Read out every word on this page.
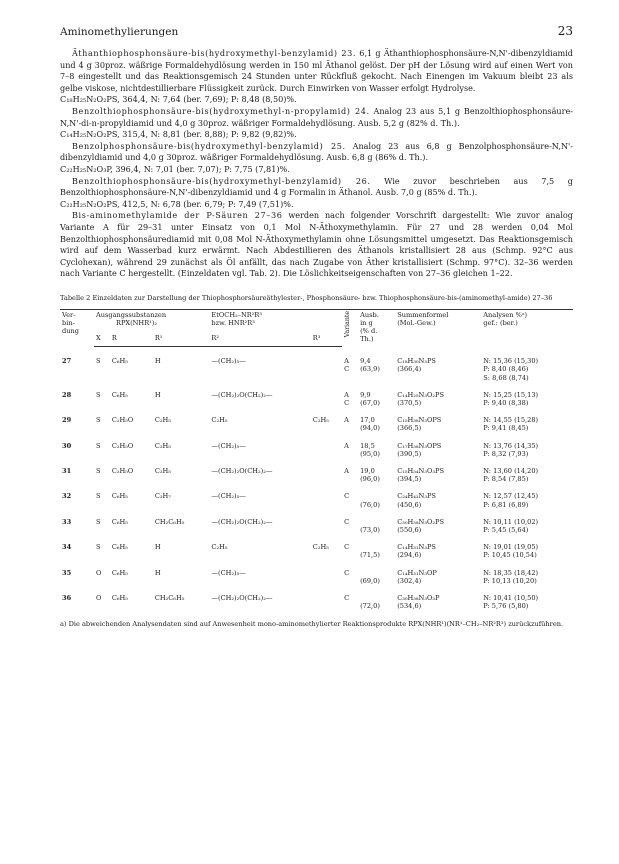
Aminomethylierungen	23

Äthanthiophosphonsäure-bis(hydroxymethyl-benzylamid) 23. 6,1 g Äthanthiophosphonsäure-N,N'-dibenzyldiamid und 4 g 30proz. wäßrige Formaldehydlösung werden in 150 ml Äthanol gelöst. Der pH der Lösung wird auf einen Wert von 7–8 eingestellt und das Reaktionsgemisch 24 Stunden unter Rückfluß gekocht. Nach Einengen im Vakuum bleibt 23 als gelbe viskose, nichtdestillierbare Flüssigkeit zurück. Durch Einwirken von Wasser erfolgt Hydrolyse.

C₁₈H₂₅N₂O₂PS, 364,4, N: 7,64 (ber. 7,69); P: 8,48 (8,50)%.

Benzolthiophosphonsäure-bis(hydroxymethyl-n-propylamid) 24. Analog 23 aus 5,1 g Benzolthiophosphonsäure-N,N'-di-n-propyldiamid und 4,0 g 30proz. wäßriger Formaldehydlösung. Ausb. 5,2 g (82% d. Th.).

C₁₄H₂₅N₂O₂PS, 315,4, N: 8,81 (ber. 8,88); P: 9,82 (9,82)%.

Benzolphosphonsäure-bis(hydroxymethyl-benzylamid) 25. Analog 23 aus 6,8 g Benzolphosphonsäure-N,N'-dibenzyldiamid und 4,0 g 30proz. wäßriger Formaldehydlösung. Ausb. 6,8 g (86% d. Th.).

C₂₂H₂₅N₂O₃P, 396,4, N: 7,01 (ber. 7,07); P: 7,75 (7,81)%.

Benzolthiophosphonsäure-bis(hydroxymethyl-benzylamid) 26. Wie zuvor beschrieben aus 7,5 g Benzolthiophosphonsäure-N,N'-dibenzyldiamid und 4 g Formalin in Äthanol. Ausb. 7,0 g (85% d. Th.).

C₂₂H₂₅N₂O₂PS, 412,5, N: 6,78 (ber. 6,79; P: 7,49 (7,51)%.

Bis-aminomethylamide der P-Säuren 27–36 werden nach folgender Vorschrift dargestellt: Wie zuvor analog Variante A für 29–31 unter Einsatz von 0,1 Mol N-Äthoxymethylamin. Für 27 und 28 werden 0,04 Mol Benzolthiophosphonsäurediamid mit 0,08 Mol N-Äthoxymethylamin ohne Lösungsmittel umgesetzt. Das Reaktionsgemisch wird auf dem Wasserbad kurz erwärmt. Nach Abdestillieren des Äthanols kristallisiert 28 aus (Schmp. 92°C aus Cyclohexan), während 29 zunächst als Öl anfällt, das nach Zugabe von Äther kristallisiert (Schmp. 97°C). 32–36 werden nach Variante C hergestellt. (Einzeldaten vgl. Tab. 2). Die Löslichkeitseigenschaften von 27–36 gleichen 1–22.

Tabelle 2 Einzeldaten zur Darstellung der Thiophosphorsäureäthylester-, Phosphonsäure- bzw. Thiophosphonsäure-bis-(aminomethyl-amide) 27–36
Ver-
bin-
dung	Ausgangssubstanzen
RPX(NHR¹)₂			EtOCH₂–NR²R³
bzw. HNR²R³		Variante	Ausb.
in g
(% d.
Th.)	Summenformel
(Mol.-Gew.)	Analysen %ᵃ)
gef.: (ber.)
	X	R	R¹	R²	R³				
27	S	C₆H₅	H	—(CH₂)₅—		A	9,4	C₁₈H₃₀N₃PS	N: 15,36 (15,30)
						C	(63,9)	(366,4)	P: 8,40 (8,46)
									S: 8,68 (8,74)
28	S	C₆H₅	H	—(CH₂)₂O(CH₂)₂—		A	9,9	C₁₄H₂₅N₃O₂PS	N: 15,25 (15,13)
						C	(67,0)	(370,5)	P: 9,40 (8,38)
29	S	C₂H₅O	C₂H₅	C₂H₅	C₂H₅	A	17,0	C₁₅H₃₈N₃OPS	N: 14,55 (15,28)
							(94,0)	(366,5)	P: 9,41 (8,45)
30	S	C₂H₅O	C₂H₅	—(CH₂)₅—		A	18,5	C₁₇H₃₈N₃OPS	N: 13,76 (14,35)
							(95,0)	(390,5)	P: 8,32 (7,93)
31	S	C₂H₅O	C₂H₅	—(CH₂)₂O(CH₂)₂—		A	19,0	C₁₅H₃₄N₃O₃PS	N: 13,60 (14,20)
							(96,0)	(394,5)	P: 8,54 (7,85)
32	S	C₆H₅	C₃H₇	—(CH₂)₅—		C		C₂₄H₄₃N₃PS	N: 12,57 (12,45)
							(76,0)	(450,6)	P: 6,81 (6,89)
33	S	C₆H₅	CH₂C₆H₅	—(CH₂)₂O(CH₂)₂—		C		C₃₀H₃₈N₃O₂PS	N: 10,11 (10,02)
							(73,0)	(550,6)	P: 5,45 (5,64)
34	S	C₆H₅	H	C₂H₅	C₂H₅	C		C₁₄H₃₁N₃PS	N: 19,01 (19,05)
							(71,5)	(294,6)	P: 10,45 (10,54)
35	O	C₆H₅	H	—(CH₂)₅—		C		C₁₄H₃₁N₃OP	N: 18,35 (18,42)
							(69,0)	(302,4)	P: 10,13 (10,20)
36	O	C₆H₅	CH₂C₆H₅	—(CH₂)₂O(CH₂)₂—		C		C₃₀H₃₈N₃O₃P	N: 10,41 (10,50)
							(72,0)	(534,6)	P: 5,76 (5,80)
a) Die abweichenden Analysendaten sind auf Anwesenheit mono-aminomethylierter Reaktionsprodukte RPX(NHR¹)(NR¹–CH₂–NR²R³) zurückzuführen.
